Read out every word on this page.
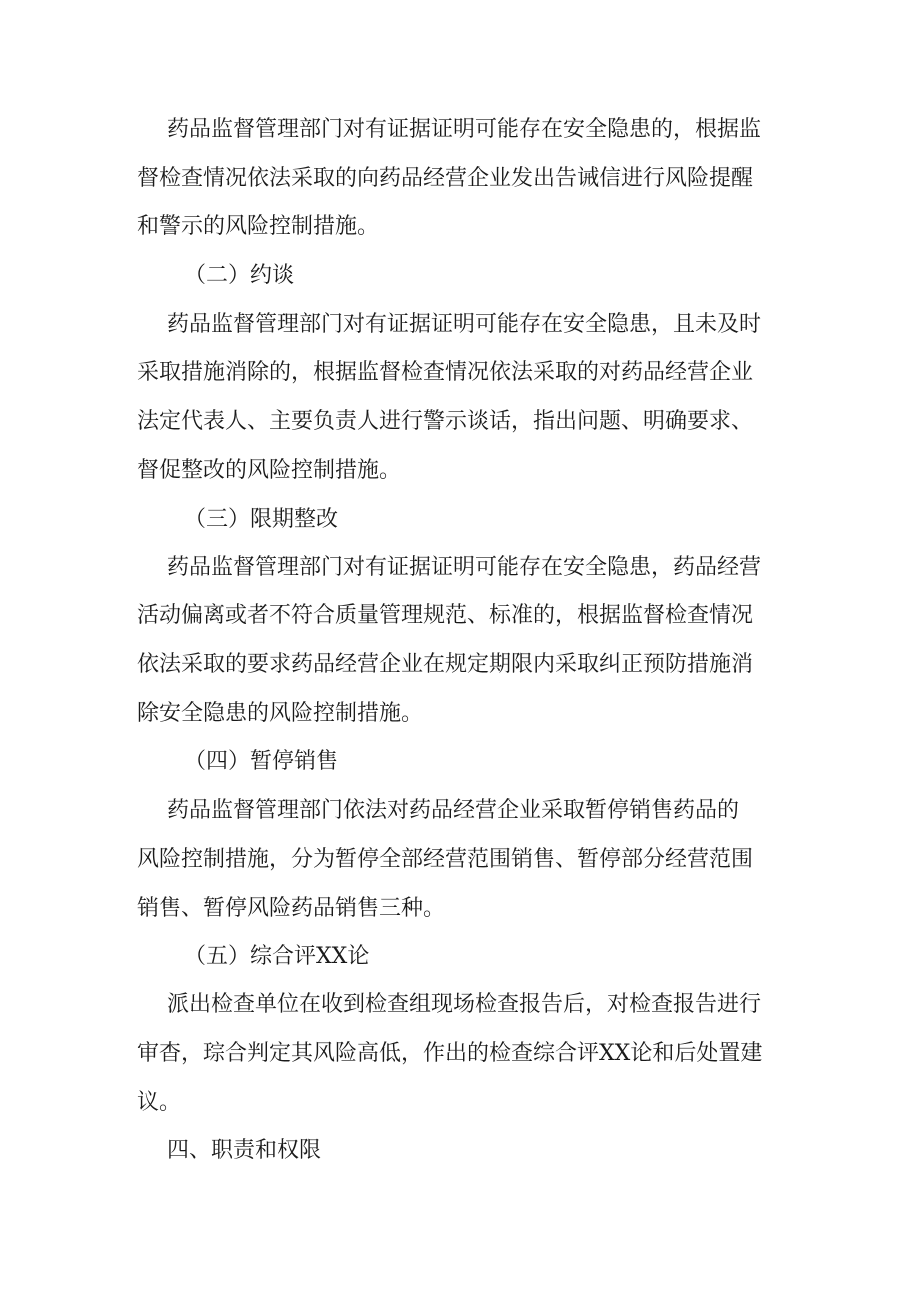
药品监督管理部门对有证据证明可能存在安全隐患的，根据监
督检查情况依法采取的向药品经营企业发出告诫信进行风险提醒
和警示的风险控制措施。
（二）约谈
药品监督管理部门对有证据证明可能存在安全隐患，且未及时
采取措施消除的，根据监督检查情况依法采取的对药品经营企业
法定代表人、主要负责人进行警示谈话，指出问题、明确要求、
督促整改的风险控制措施。
（三）限期整改
药品监督管理部门对有证据证明可能存在安全隐患，药品经营
活动偏离或者不符合质量管理规范、标准的，根据监督检查情况
依法采取的要求药品经营企业在规定期限内采取纠正预防措施消
除安全隐患的风险控制措施。
（四）暂停销售
药品监督管理部门依法对药品经营企业采取暂停销售药品的
风险控制措施，分为暂停全部经营范围销售、暂停部分经营范围
销售、暂停风险药品销售三种。
（五）综合评XX论
派出检查单位在收到检查组现场检查报告后，对检查报告进行
审杳，琮合判定其风险高低，作出的检查综合评XX论和后处置建
议。
四、职责和权限
